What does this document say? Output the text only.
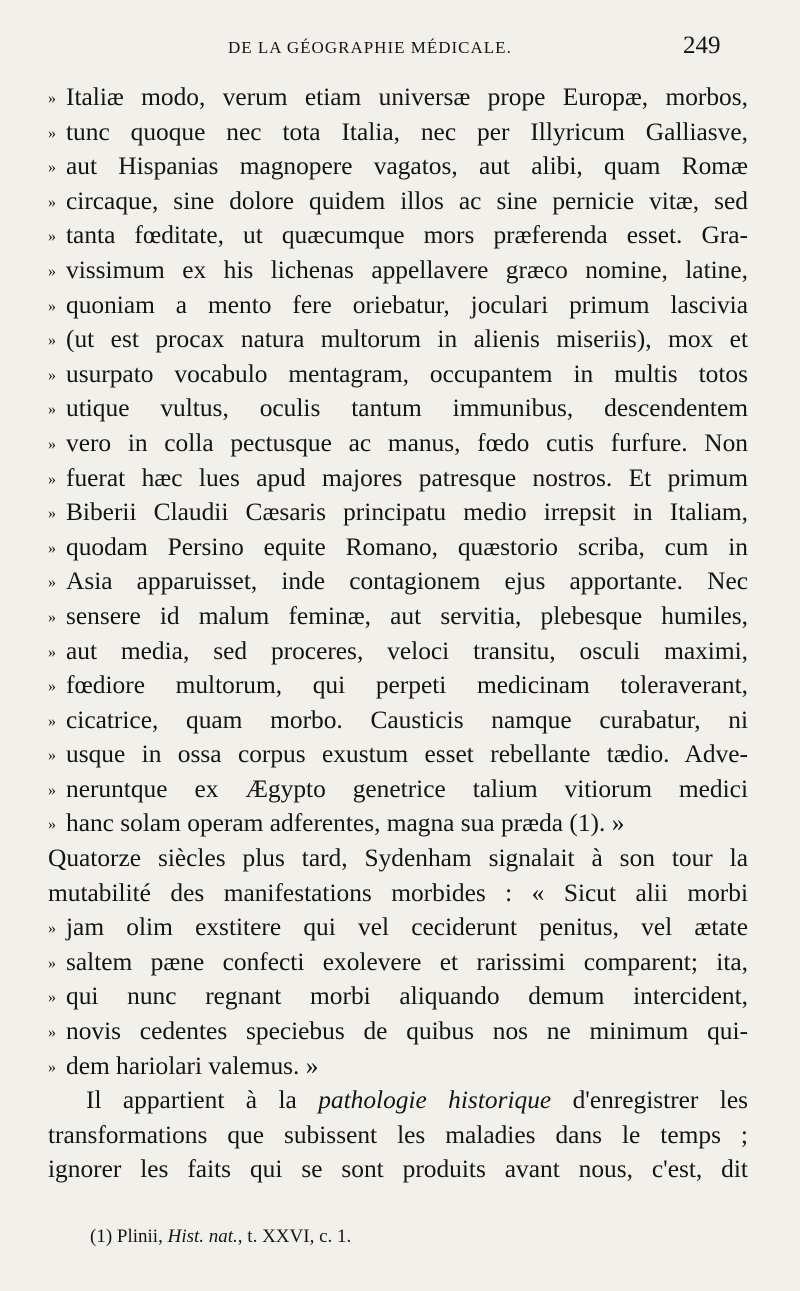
DE LA GÉOGRAPHIE MÉDICALE.	249
» Italiæ modo, verum etiam universæ prope Europæ, morbos,
» tunc quoque nec tota Italia, nec per Illyricum Galliasve,
» aut Hispanias magnopere vagatos, aut alibi, quam Romæ
» circaque, sine dolore quidem illos ac sine pernicie vitæ, sed
» tanta fœditate, ut quæcumque mors præferenda esset. Gra-
» vissimum ex his lichenas appellavere græco nomine, latine,
» quoniam a mento fere oriebatur, joculari primum lascivia
» (ut est procax natura multorum in alienis miseriis), mox et
» usurpato vocabulo mentagram, occupantem in multis totos
» utique vultus, oculis tantum immunibus, descendentem
» vero in colla pectusque ac manus, fœdo cutis furfure. Non
» fuerat hæc lues apud majores patresque nostros. Et primum
» Biberii Claudii Cæsaris principatu medio irrepsit in Italiam,
» quodam Persino equite Romano, quæstorio scriba, cum in
» Asia apparuisset, inde contagionem ejus apportante. Nec
» sensere id malum feminæ, aut servitia, plebesque humiles,
» aut media, sed proceres, veloci transitu, osculi maximi,
» fœdiore multorum, qui perpeti medicinam toleraverant,
» cicatrice, quam morbo. Causticis namque curabatur, ni
» usque in ossa corpus exustum esset rebellante tædio. Adve-
» neruntque ex Ægypto genetrice talium vitiorum medici
» hanc solam operam adferentes, magna sua præda (1). »
Quatorze siècles plus tard, Sydenham signalait à son tour la
mutabilité des manifestations morbides : « Sicut alii morbi
» jam olim exstitere qui vel ceciderunt penitus, vel ætate
» saltem pæne confecti exolevere et rarissimi comparent; ita,
» qui nunc regnant morbi aliquando demum intercident,
» novis cedentes speciebus de quibus nos ne minimum qui-
» dem hariolari valemus. »
Il appartient à la pathologie historique d'enregistrer les
transformations que subissent les maladies dans le temps ;
ignorer les faits qui se sont produits avant nous, c'est, dit
(1) Plinii, Hist. nat., t. XXVI, c. 1.
